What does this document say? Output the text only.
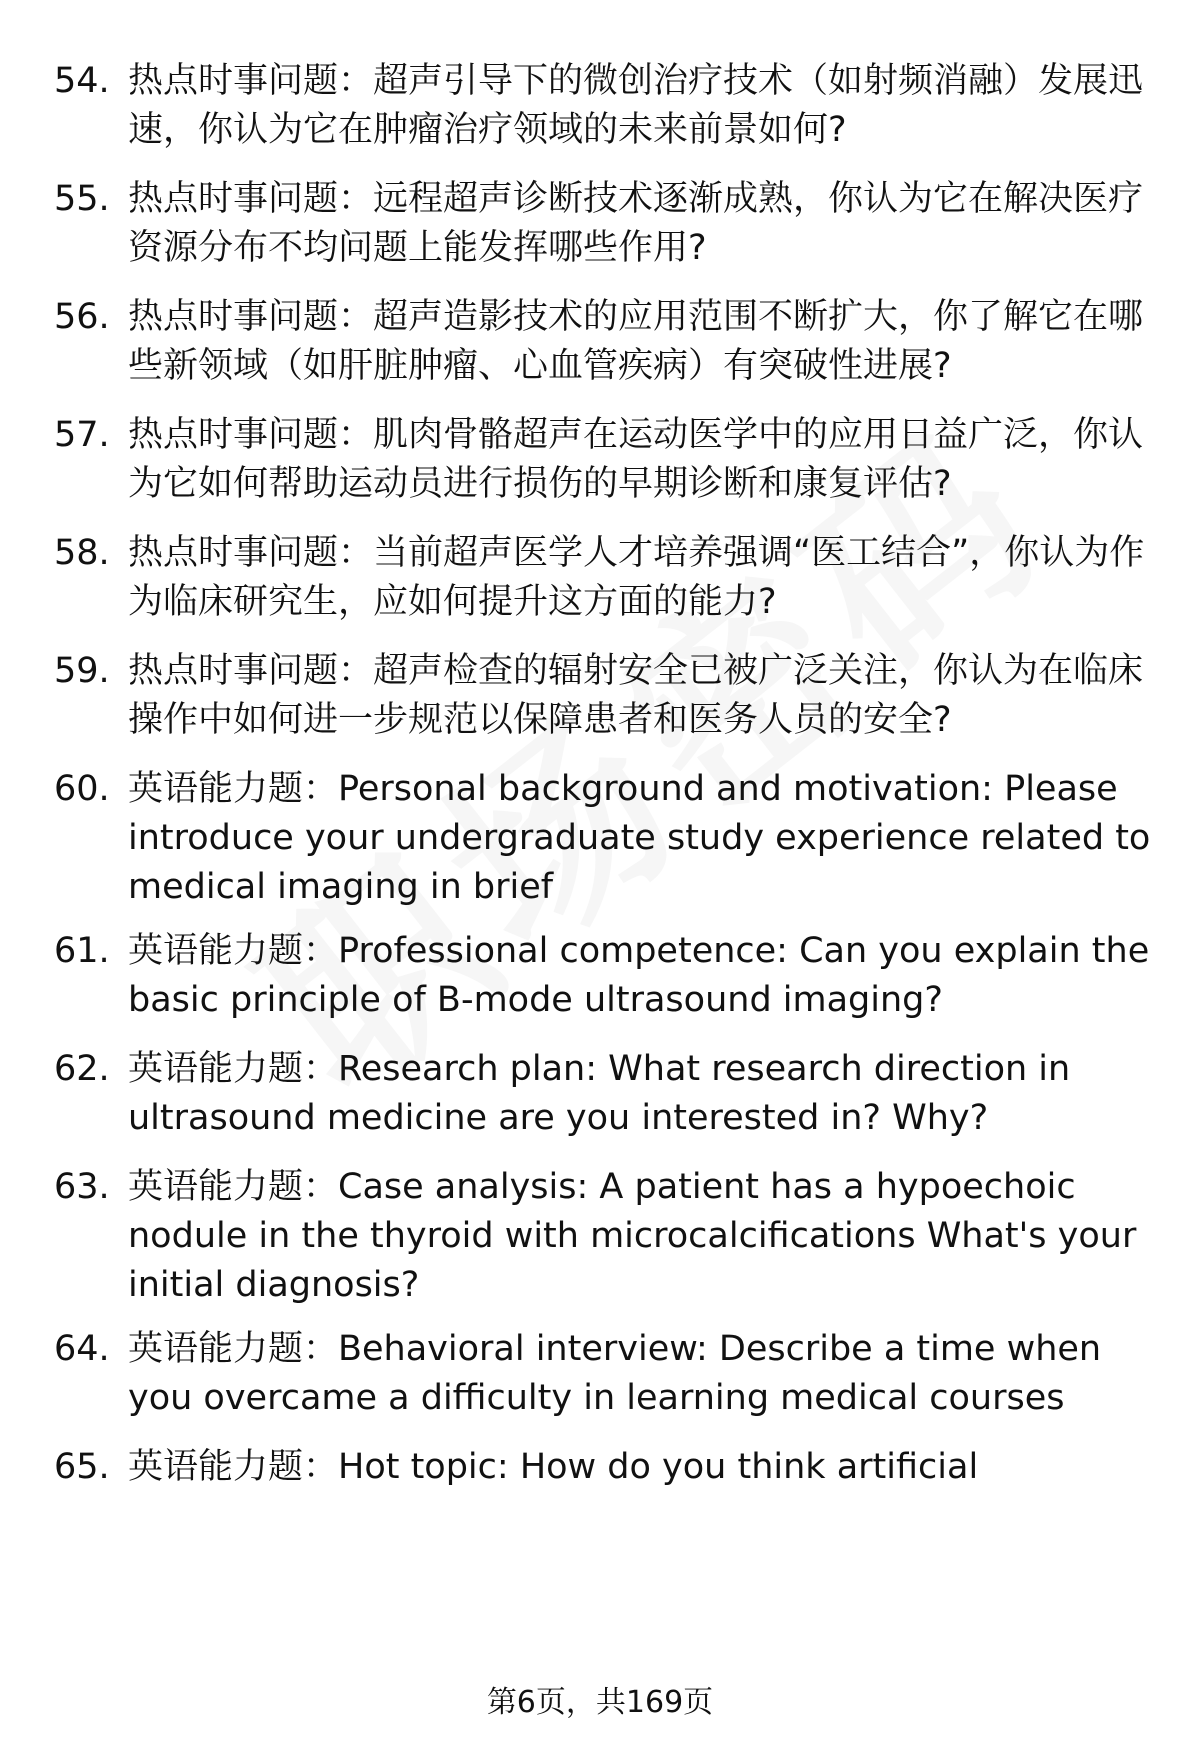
54. 热点时事问题：超声引导下的微创治疗技术（如射频消融）发展迅速，你认为它在肿瘤治疗领域的未来前景如何?
55. 热点时事问题：远程超声诊断技术逐渐成熟，你认为它在解决医疗资源分布不均问题上能发挥哪些作用?
56. 热点时事问题：超声造影技术的应用范围不断扩大，你了解它在哪些新领域（如肝脏肿瘤、心血管疾病）有突破性进展?
57. 热点时事问题：肌肉骨骼超声在运动医学中的应用日益广泛，你认为它如何帮助运动员进行损伤的早期诊断和康复评估?
58. 热点时事问题：当前超声医学人才培养强调“医工结合”，你认为作为临床研究生，应如何提升这方面的能力?
59. 热点时事问题：超声检查的辐射安全已被广泛关注，你认为在临床操作中如何进一步规范以保障患者和医务人员的安全?
60. 英语能力题：Personal background and motivation: Please introduce your undergraduate study experience related to medical imaging in brief
61. 英语能力题：Professional competence: Can you explain the basic principle of B-mode ultrasound imaging?
62. 英语能力题：Research plan: What research direction in ultrasound medicine are you interested in? Why?
63. 英语能力题：Case analysis: A patient has a hypoechoic nodule in the thyroid with microcalcifications What's your initial diagnosis?
64. 英语能力题：Behavioral interview: Describe a time when you overcame a difficulty in learning medical courses
65. 英语能力题：Hot topic: How do you think artificial
第6页，共169页
